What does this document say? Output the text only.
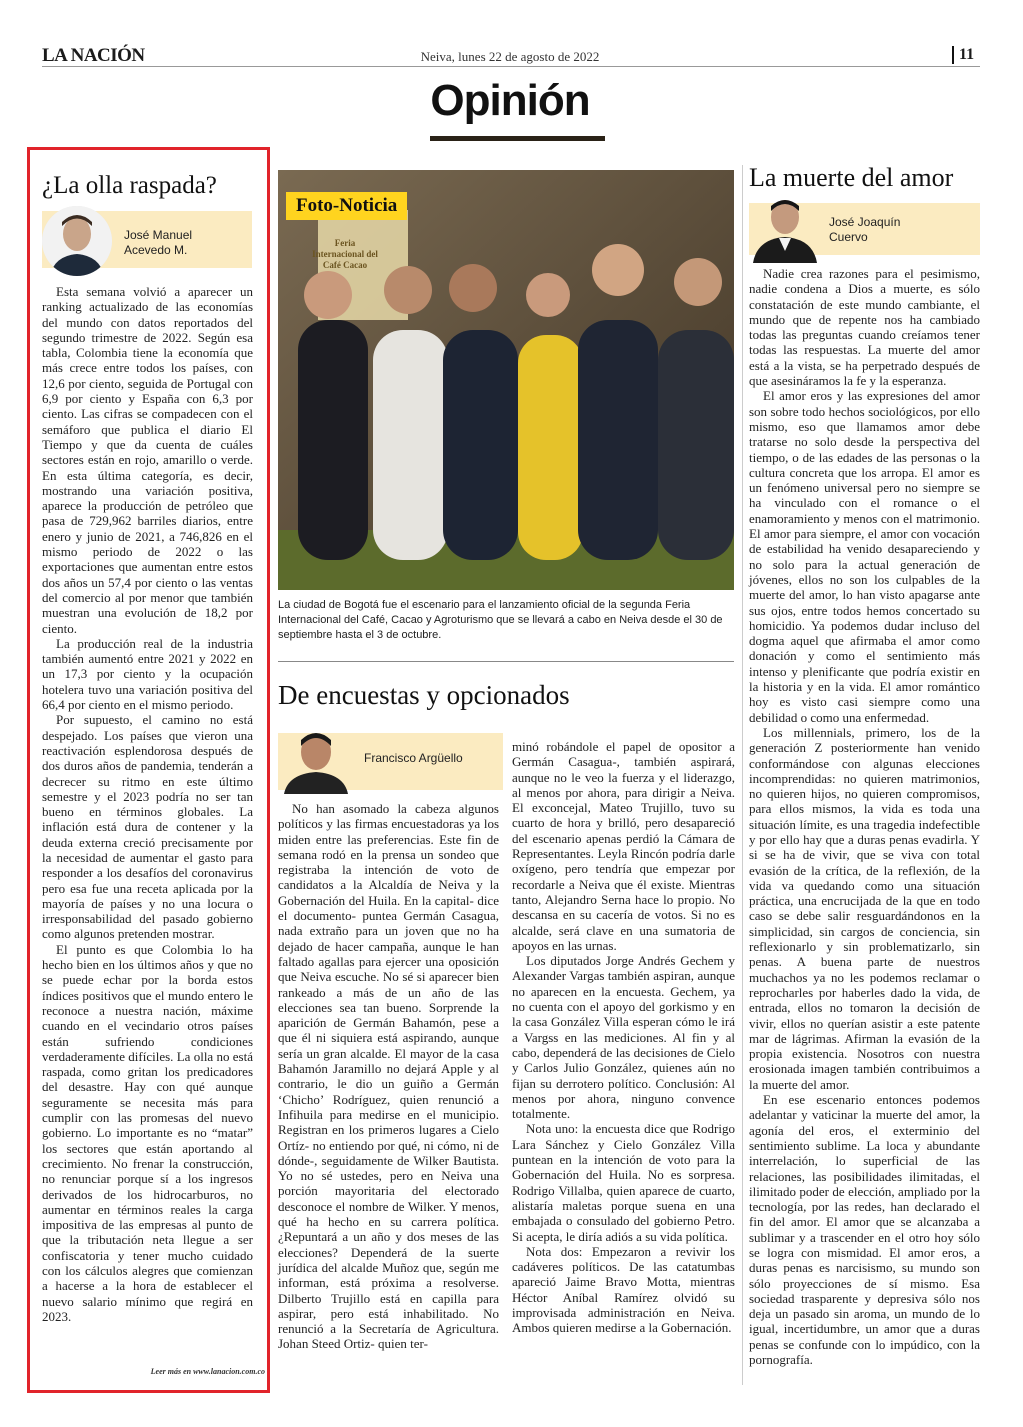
LA NACIÓN	Neiva, lunes 22 de agosto de 2022	11
Opinión
¿La olla raspada?
José Manuel
Acevedo M.

Esta semana volvió a aparecer un ranking actualizado de las economías del mundo con datos reportados del segundo trimestre de 2022. Según esa tabla, Colombia tiene la economía que más crece entre todos los países, con 12,6 por ciento, seguida de Portugal con 6,9 por ciento y España con 6,3 por ciento. Las cifras se compadecen con el semáforo que publica el diario El Tiempo y que da cuenta de cuáles sectores están en rojo, amarillo o verde. En esta última categoría, es decir, mostrando una variación positiva, aparece la producción de petróleo que pasa de 729,962 barriles diarios, entre enero y junio de 2021, a 746,826 en el mismo periodo de 2022 o las exportaciones que aumentan entre estos dos años un 57,4 por ciento o las ventas del comercio al por menor que también muestran una evolución de 18,2 por ciento.

La producción real de la industria también aumentó entre 2021 y 2022 en un 17,3 por ciento y la ocupación hotelera tuvo una variación positiva del 66,4 por ciento en el mismo periodo.

Por supuesto, el camino no está despejado. Los países que vieron una reactivación esplendorosa después de dos duros años de pandemia, tenderán a decrecer su ritmo en este último semestre y el 2023 podría no ser tan bueno en términos globales. La inflación está dura de contener y la deuda externa creció precisamente por la necesidad de aumentar el gasto para responder a los desafíos del coronavirus pero esa fue una receta aplicada por la mayoría de países y no una locura o irresponsabilidad del pasado gobierno como algunos pretenden mostrar.

El punto es que Colombia lo ha hecho bien en los últimos años y que no se puede echar por la borda estos índices positivos que el mundo entero le reconoce a nuestra nación, máxime cuando en el vecindario otros países están sufriendo condiciones verdaderamente difíciles. La olla no está raspada, como gritan los predicadores del desastre. Hay con qué aunque seguramente se necesita más para cumplir con las promesas del nuevo gobierno. Lo importante es no “matar” los sectores que están aportando al crecimiento. No frenar la construcción, no renunciar porque sí a los ingresos derivados de los hidrocarburos, no aumentar en términos reales la carga impositiva de las empresas al punto de que la tributación neta llegue a ser confiscatoria y tener mucho cuidado con los cálculos alegres que comienzan a hacerse a la hora de establecer el nuevo salario mínimo que regirá en 2023.

Leer más en www.lanacion.com.co
Foto-Noticia
Feria Internacional del Café Cacao
La ciudad de Bogotá fue el escenario para el lanzamiento oficial de la segunda Feria Internacional del Café, Cacao y Agroturismo que se llevará a cabo en Neiva desde el 30 de septiembre hasta el 3 de octubre.
De encuestas y opcionados
Francisco Argüello

No han asomado la cabeza algunos políticos y las firmas encuestadoras ya los miden entre las preferencias. Este fin de semana rodó en la prensa un sondeo que registraba la intención de voto de candidatos a la Alcaldía de Neiva y la Gobernación del Huila. En la capital- dice el documento- puntea Germán Casagua, nada extraño para un joven que no ha dejado de hacer campaña, aunque le han faltado agallas para ejercer una oposición que Neiva escuche. No sé si aparecer bien rankeado a más de un año de las elecciones sea tan bueno. Sorprende la aparición de Germán Bahamón, pese a que él ni siquiera está aspirando, aunque sería un gran alcalde. El mayor de la casa Bahamón Jaramillo no dejará Apple y al contrario, le dio un guiño a Germán ‘Chicho’ Rodríguez, quien renunció a Infihuila para medirse en el municipio. Registran en los primeros lugares a Cielo Ortíz- no entiendo por qué, ni cómo, ni de dónde-, seguidamente de Wilker Bautista. Yo no sé ustedes, pero en Neiva una porción mayoritaria del electorado desconoce el nombre de Wilker. Y menos, qué ha hecho en su carrera política. ¿Repuntará a un año y dos meses de las elecciones? Dependerá de la suerte jurídica del alcalde Muñoz que, según me informan, está próxima a resolverse. Dilberto Trujillo está en capilla para aspirar, pero está inhabilitado. No renunció a la Secretaría de Agricultura. Johan Steed Ortiz- quien ter-

minó robándole el papel de opositor a Germán Casagua-, también aspirará, aunque no le veo la fuerza y el liderazgo, al menos por ahora, para dirigir a Neiva. El exconcejal, Mateo Trujillo, tuvo su cuarto de hora y brilló, pero desapareció del escenario apenas perdió la Cámara de Representantes. Leyla Rincón podría darle oxígeno, pero tendría que empezar por recordarle a Neiva que él existe. Mientras tanto, Alejandro Serna hace lo propio. No descansa en su cacería de votos. Si no es alcalde, será clave en una sumatoria de apoyos en las urnas.

Los diputados Jorge Andrés Gechem y Alexander Vargas también aspiran, aunque no aparecen en la encuesta. Gechem, ya no cuenta con el apoyo del gorkismo y en la casa González Villa esperan cómo le irá a Vargss en las mediciones. Al fin y al cabo, dependerá de las decisiones de Cielo y Carlos Julio González, quienes aún no fijan su derrotero político. Conclusión: Al menos por ahora, ninguno convence totalmente.

Nota uno: la encuesta dice que Rodrigo Lara Sánchez y Cielo González Villa puntean en la intención de voto para la Gobernación del Huila. No es sorpresa. Rodrigo Villalba, quien aparece de cuarto, alistaría maletas porque suena en una embajada o consulado del gobierno Petro. Si acepta, le diría adiós a su vida política.

Nota dos: Empezaron a revivir los cadáveres políticos. De las catatumbas apareció Jaime Bravo Motta, mientras Héctor Aníbal Ramírez olvidó su improvisada administración en Neiva. Ambos quieren medirse a la Gobernación.

La muerte del amor
José Joaquín
Cuervo

Nadie crea razones para el pesimismo, nadie condena a Dios a muerte, es sólo constatación de este mundo cambiante, el mundo que de repente nos ha cambiado todas las preguntas cuando creíamos tener todas las respuestas. La muerte del amor está a la vista, se ha perpetrado después de que asesináramos la fe y la esperanza.

El amor eros y las expresiones del amor son sobre todo hechos sociológicos, por ello mismo, eso que llamamos amor debe tratarse no solo desde la perspectiva del tiempo, o de las edades de las personas o la cultura concreta que los arropa. El amor es un fenómeno universal pero no siempre se ha vinculado con el romance o el enamoramiento y menos con el matrimonio. El amor para siempre, el amor con vocación de estabilidad ha venido desapareciendo y no solo para la actual generación de jóvenes, ellos no son los culpables de la muerte del amor, lo han visto apagarse ante sus ojos, entre todos hemos concertado su homicidio. Ya podemos dudar incluso del dogma aquel que afirmaba el amor como donación y como el sentimiento más intenso y plenificante que podría existir en la historia y en la vida. El amor romántico hoy es visto casi siempre como una debilidad o como una enfermedad.

Los millennials, primero, los de la generación Z posteriormente han venido conformándose con algunas elecciones incomprendidas: no quieren matrimonios, no quieren hijos, no quieren compromisos, para ellos mismos, la vida es toda una situación límite, es una tragedia indefectible y por ello hay que a duras penas evadirla. Y si se ha de vivir, que se viva con total evasión de la crítica, de la reflexión, de la vida va quedando como una situación práctica, una encrucijada de la que en todo caso se debe salir resguardándonos en la simplicidad, sin cargos de conciencia, sin reflexionarlo y sin problematizarlo, sin penas. A buena parte de nuestros muchachos ya no les podemos reclamar o reprocharles por haberles dado la vida, de entrada, ellos no tomaron la decisión de vivir, ellos no querían asistir a este patente mar de lágrimas. Afirman la evasión de la propia existencia. Nosotros con nuestra erosionada imagen también contribuimos a la muerte del amor.

En ese escenario entonces podemos adelantar y vaticinar la muerte del amor, la agonía del eros, el exterminio del sentimiento sublime. La loca y abundante interrelación, lo superficial de las relaciones, las posibilidades ilimitadas, el ilimitado poder de elección, ampliado por la tecnología, por las redes, han declarado el fin del amor. El amor que se alcanzaba a sublimar y a trascender en el otro hoy sólo se logra con mismidad. El amor eros, a duras penas es narcisismo, su mundo son sólo proyecciones de sí mismo. Esa sociedad trasparente y depresiva sólo nos deja un pasado sin aroma, un mundo de lo igual, incertidumbre, un amor que a duras penas se confunde con lo impúdico, con la pornografía.
